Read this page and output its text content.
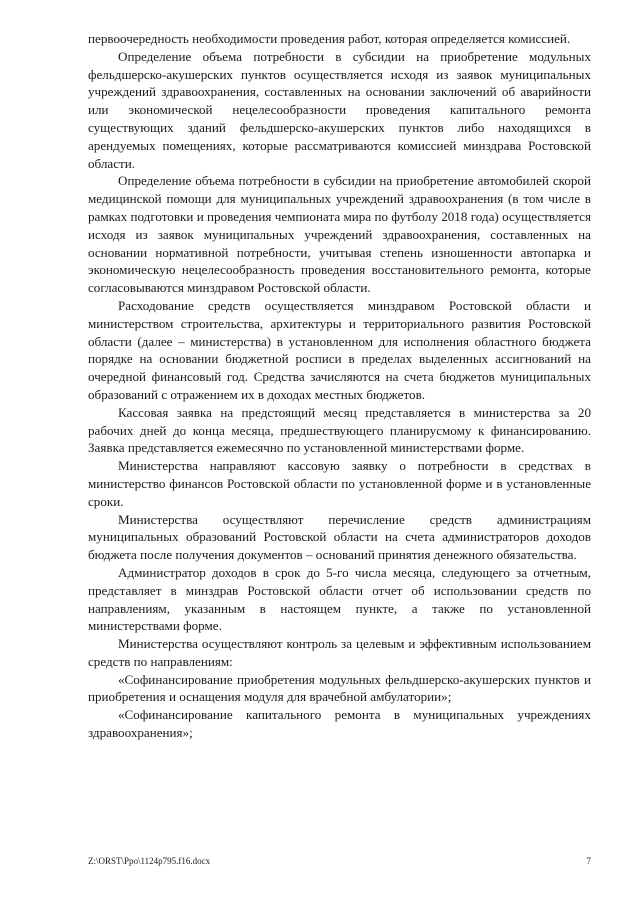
первоочередность необходимости проведения работ, которая определяется комиссией.

Определение объема потребности в субсидии на приобретение модульных фельдшерско-акушерских пунктов осуществляется исходя из заявок муниципальных учреждений здравоохранения, составленных на основании заключений об аварийности или экономической нецелесообразности проведения капитального ремонта существующих зданий фельдшерско-акушерских пунктов либо находящихся в арендуемых помещениях, которые рассматриваются комиссией минздрава Ростовской области.

Определение объема потребности в субсидии на приобретение автомобилей скорой медицинской помощи для муниципальных учреждений здравоохранения (в том числе в рамках подготовки и проведения чемпионата мира по футболу 2018 года) осуществляется исходя из заявок муниципальных учреждений здравоохранения, составленных на основании нормативной потребности, учитывая степень изношенности автопарка и экономическую нецелесообразность проведения восстановительного ремонта, которые согласовываются минздравом Ростовской области.

Расходование средств осуществляется минздравом Ростовской области и министерством строительства, архитектуры и территориального развития Ростовской области (далее – министерства) в установленном для исполнения областного бюджета порядке на основании бюджетной росписи в пределах выделенных ассигнований на очередной финансовый год. Средства зачисляются на счета бюджетов муниципальных образований с отражением их в доходах местных бюджетов.

Кассовая заявка на предстоящий месяц представляется в министерства за 20 рабочих дней до конца месяца, предшествующего планирусмому к финансированию. Заявка представляется ежемесячно по установленной министерствами форме.

Министерства направляют кассовую заявку о потребности в средствах в министерство финансов Ростовской области по установленной форме и в установленные сроки.

Министерства осуществляют перечисление средств администрациям муниципальных образований Ростовской области на счета администраторов доходов бюджета после получения документов – оснований принятия денежного обязательства.

Администратор доходов в срок до 5-го числа месяца, следующего за отчетным, представляет в минздрав Ростовской области отчет об использовании средств по направлениям, указанным в настоящем пункте, а также по установленной министерствами форме.

Министерства осуществляют контроль за целевым и эффективным использованием средств по направлениям:

«Софинансирование приобретения модульных фельдшерско-акушерских пунктов и приобретения и оснащения модуля для врачебной амбулатории»;

«Софинансирование капитального ремонта в муниципальных учреждениях здравоохранения»;

Z:\ORST\Ppo\1124p795.f16.docx	7
